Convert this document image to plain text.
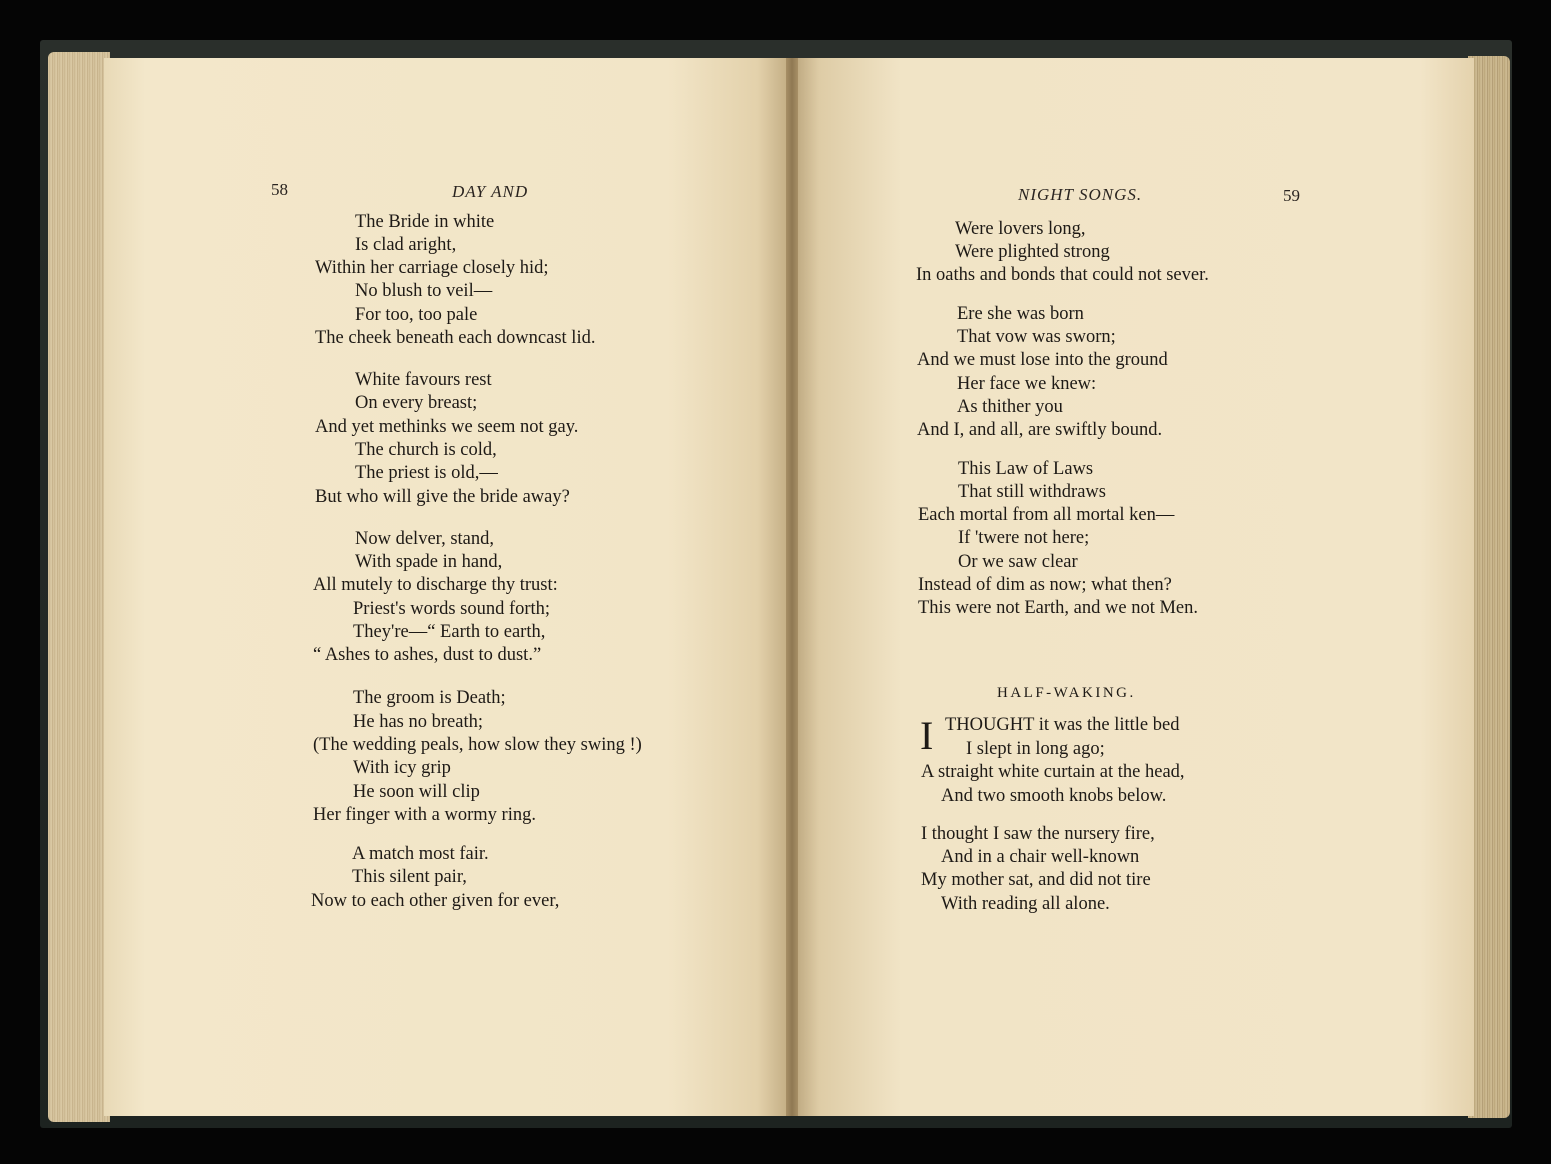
58	DAY AND
The Bride in white
Is clad aright,
Within her carriage closely hid;
No blush to veil—
For too, too pale
The cheek beneath each downcast lid.
White favours rest
On every breast;
And yet methinks we seem not gay.
The church is cold,
The priest is old,—
But who will give the bride away?
Now delver, stand,
With spade in hand,
All mutely to discharge thy trust:
Priest's words sound forth;
They're—“ Earth to earth,
“ Ashes to ashes, dust to dust.”
The groom is Death;
He has no breath;
(The wedding peals, how slow they swing !)
With icy grip
He soon will clip
Her finger with a wormy ring.
A match most fair.
This silent pair,
Now to each other given for ever,
NIGHT SONGS.	59
Were lovers long,
Were plighted strong
In oaths and bonds that could not sever.
Ere she was born
That vow was sworn;
And we must lose into the ground
Her face we knew:
As thither you
And I, and all, are swiftly bound.
This Law of Laws
That still withdraws
Each mortal from all mortal ken—
If 'twere not here;
Or we saw clear
Instead of dim as now; what then?
This were not Earth, and we not Men.
HALF-WAKING.
I THOUGHT it was the little bed
I slept in long ago;
A straight white curtain at the head,
And two smooth knobs below.
I thought I saw the nursery fire,
And in a chair well-known
My mother sat, and did not tire
With reading all alone.
